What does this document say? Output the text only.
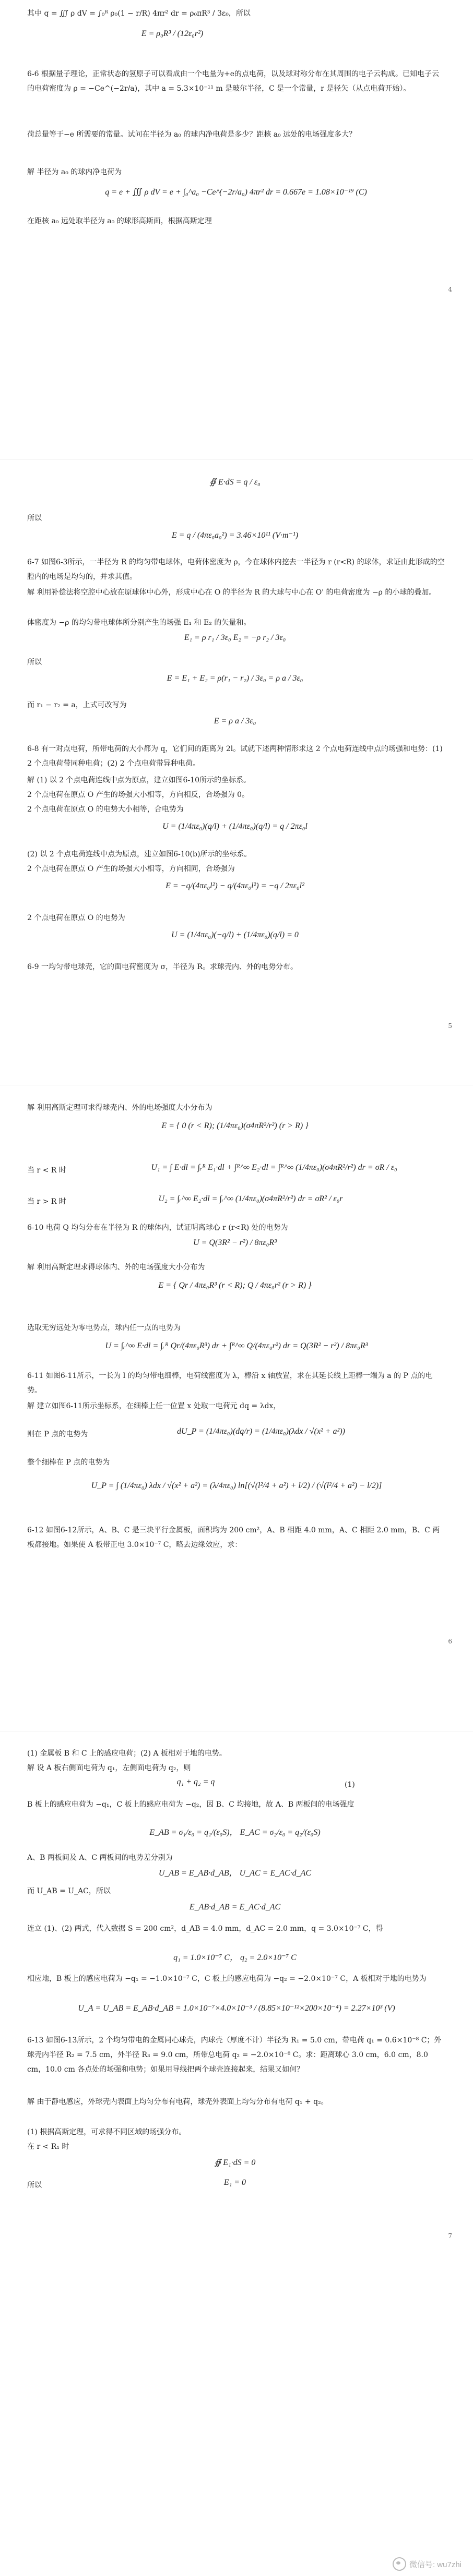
其中 q = ∭ ρ dV = ∫₀ᴿ ρ₀(1 − r/R) 4πr² dr = ρ₀πR³ / 3ε₀，所以
E = ρ₀R³ / (12ε₀r²)
6-6 根据量子理论，正常状态的氢原子可以看成由一个电量为+e的点电荷，以及球对称分布在其周围的电子云构成。已知电子云的电荷密度为 ρ = −Ce^(−2r/a)，其中 a = 5.3×10⁻¹¹ m 是玻尔半径，C 是一个常量，r 是径矢（从点电荷开始）。
荷总量等于−e 所需要的常量。试问在半径为 a₀ 的球内净电荷是多少？距核 a₀ 远处的电场强度多大？
解 半径为 a₀ 的球内净电荷为
q = e + ∭ ρ dV = e + ∫₀^a₀ −Ce^(−2r/a₀) 4πr² dr = 0.667e = 1.08×10⁻¹⁹ (C)
在距核 a₀ 远处取半径为 a₀ 的球形高斯面，根据高斯定理
4
∯ E·dS = q / ε₀
所以
E = q / (4πε₀a₀²) = 3.46×10¹¹ (V·m⁻¹)
6-7 如图6-3所示，一半径为 R 的均匀带电球体，电荷体密度为 ρ，今在球体内挖去一半径为 r (r<R) 的球体，求证由此形成的空腔内的电场是均匀的，并求其值。
解 利用补偿法将空腔中心放在原球体中心外，形成中心在 O 的半径为 R 的大球与中心在 O' 的电荷密度为 −ρ 的小球的叠加。
体密度为 −ρ 的均匀带电球体所分别产生的场强 E₁ 和 E₂ 的矢量和。
E₁ = ρ r₁ / 3ε₀ E₂ = −ρ r₂ / 3ε₀
所以
E = E₁ + E₂ = ρ(r₁ − r₂) / 3ε₀ = ρ a / 3ε₀
而 r₁ − r₂ = a，上式可改写为
E = ρ a / 3ε₀
6-8 有一对点电荷，所带电荷的大小都为 q，它们间的距离为 2l。试就下述两种情形求这 2 个点电荷连线中点的场强和电势：(1) 2 个点电荷带同种电荷；(2) 2 个点电荷带异种电荷。
解 (1) 以 2 个点电荷连线中点为原点，建立如图6-10所示的坐标系。
2 个点电荷在原点 O 产生的场强大小相等，方向相反，合场强为 0。
2 个点电荷在原点 O 的电势大小相等，合电势为
U = (1/4πε₀)(q/l) + (1/4πε₀)(q/l) = q / 2πε₀l
(2) 以 2 个点电荷连线中点为原点，建立如图6-10(b)所示的坐标系。
2 个点电荷在原点 O 产生的场强大小相等，方向相同，合场强为
E = −q/(4πε₀l²) − q/(4πε₀l²) = −q / 2πε₀l²
2 个点电荷在原点 O 的电势为
U = (1/4πε₀)(−q/l) + (1/4πε₀)(q/l) = 0
6-9 一均匀带电球壳，它的面电荷密度为 σ，半径为 R。求球壳内、外的电势分布。
5
解 利用高斯定理可求得球壳内、外的电场强度大小分布为
E = { 0 (r < R); (1/4πε₀)(σ4πR²/r²) (r > R) }
当 r < R 时	U₁ = ∫ E·dl = ∫ᵣᴿ E₁·dl + ∫ᴿ^∞ E₂·dl = ∫ᴿ^∞ (1/4πε₀)(σ4πR²/r²) dr = σR / ε₀
当 r > R 时	U₂ = ∫ᵣ^∞ E₂·dl = ∫ᵣ^∞ (1/4πε₀)(σ4πR²/r²) dr = σR² / ε₀r
6-10 电荷 Q 均匀分布在半径为 R 的球体内，试证明离球心 r (r<R) 处的电势为
U = Q(3R² − r²) / 8πε₀R³
解 利用高斯定理求得球体内、外的电场强度大小分布为
E = { Qr / 4πε₀R³ (r < R); Q / 4πε₀r² (r > R) }
选取无穷远处为零电势点，球内任一点的电势为
U = ∫ᵣ^∞ E·dl = ∫ᵣᴿ Qr/(4πε₀R³) dr + ∫ᴿ^∞ Q/(4πε₀r²) dr = Q(3R² − r²) / 8πε₀R³
6-11 如图6-11所示，一长为 l 的均匀带电细棒，电荷线密度为 λ，棒沿 x 轴放置，求在其延长线上距棒一端为 a 的 P 点的电势。
解 建立如图6-11所示坐标系，在细棒上任一位置 x 处取一电荷元 dq = λdx，
则在 P 点的电势为	dU_P = (1/4πε₀)(dq/r) = (1/4πε₀)(λdx / √(x² + a²))
整个细棒在 P 点的电势为
U_P = ∫ (1/4πε₀) λdx / √(x² + a²) = (λ/4πε₀) ln[(√(l²/4 + a²) + l/2) / (√(l²/4 + a²) − l/2)]
6-12 如图6-12所示，A、B、C 是三块平行金属板，面积均为 200 cm²，A、B 相距 4.0 mm，A、C 相距 2.0 mm，B、C 两板都接地。如果使 A 板带正电 3.0×10⁻⁷ C，略去边缘效应，求：
6
(1) 金属板 B 和 C 上的感应电荷；(2) A 板相对于地的电势。
解 设 A 板右侧面电荷为 q₁，左侧面电荷为 q₂，则
q₁ + q₂ = q	(1)
B 板上的感应电荷为 −q₁，C 板上的感应电荷为 −q₂，因 B、C 均接地，故 A、B 两板间的电场强度
E_AB = σ₁/ε₀ = q₁/(ε₀S)， E_AC = σ₂/ε₀ = q₂/(ε₀S)
A、B 两板间及 A、C 两板间的电势差分别为
U_AB = E_AB·d_AB， U_AC = E_AC·d_AC
而 U_AB = U_AC，所以
E_AB·d_AB = E_AC·d_AC
连立 (1)、(2) 两式，代入数据 S = 200 cm²，d_AB = 4.0 mm，d_AC = 2.0 mm，q = 3.0×10⁻⁷ C，得
q₁ = 1.0×10⁻⁷ C， q₂ = 2.0×10⁻⁷ C
相应地，B 板上的感应电荷为 −q₁ = −1.0×10⁻⁷ C，C 板上的感应电荷为 −q₂ = −2.0×10⁻⁷ C，A 板相对于地的电势为
U_A = U_AB = E_AB·d_AB = 1.0×10⁻⁷×4.0×10⁻³ / (8.85×10⁻¹²×200×10⁻⁴) = 2.27×10³ (V)
6-13 如图6-13所示，2 个均匀带电的金属同心球壳，内球壳（厚度不计）半径为 R₁ = 5.0 cm，带电荷 q₁ = 0.6×10⁻⁸ C；外球壳内半径 R₂ = 7.5 cm，外半径 R₃ = 9.0 cm，所带总电荷 q₂ = −2.0×10⁻⁸ C。求：距离球心 3.0 cm，6.0 cm，8.0 cm，10.0 cm 各点处的场强和电势；如果用导线把两个球壳连接起来，结果又如何？
解 由于静电感应，外球壳内表面上均匀分布有电荷，球壳外表面上均匀分布有电荷 q₁ + q₂。
(1) 根据高斯定理，可求得不同区域的场强分布。
在 r < R₁ 时
∯ E₁·dS = 0
所以	E₁ = 0
7
微信号: wu7zhi
